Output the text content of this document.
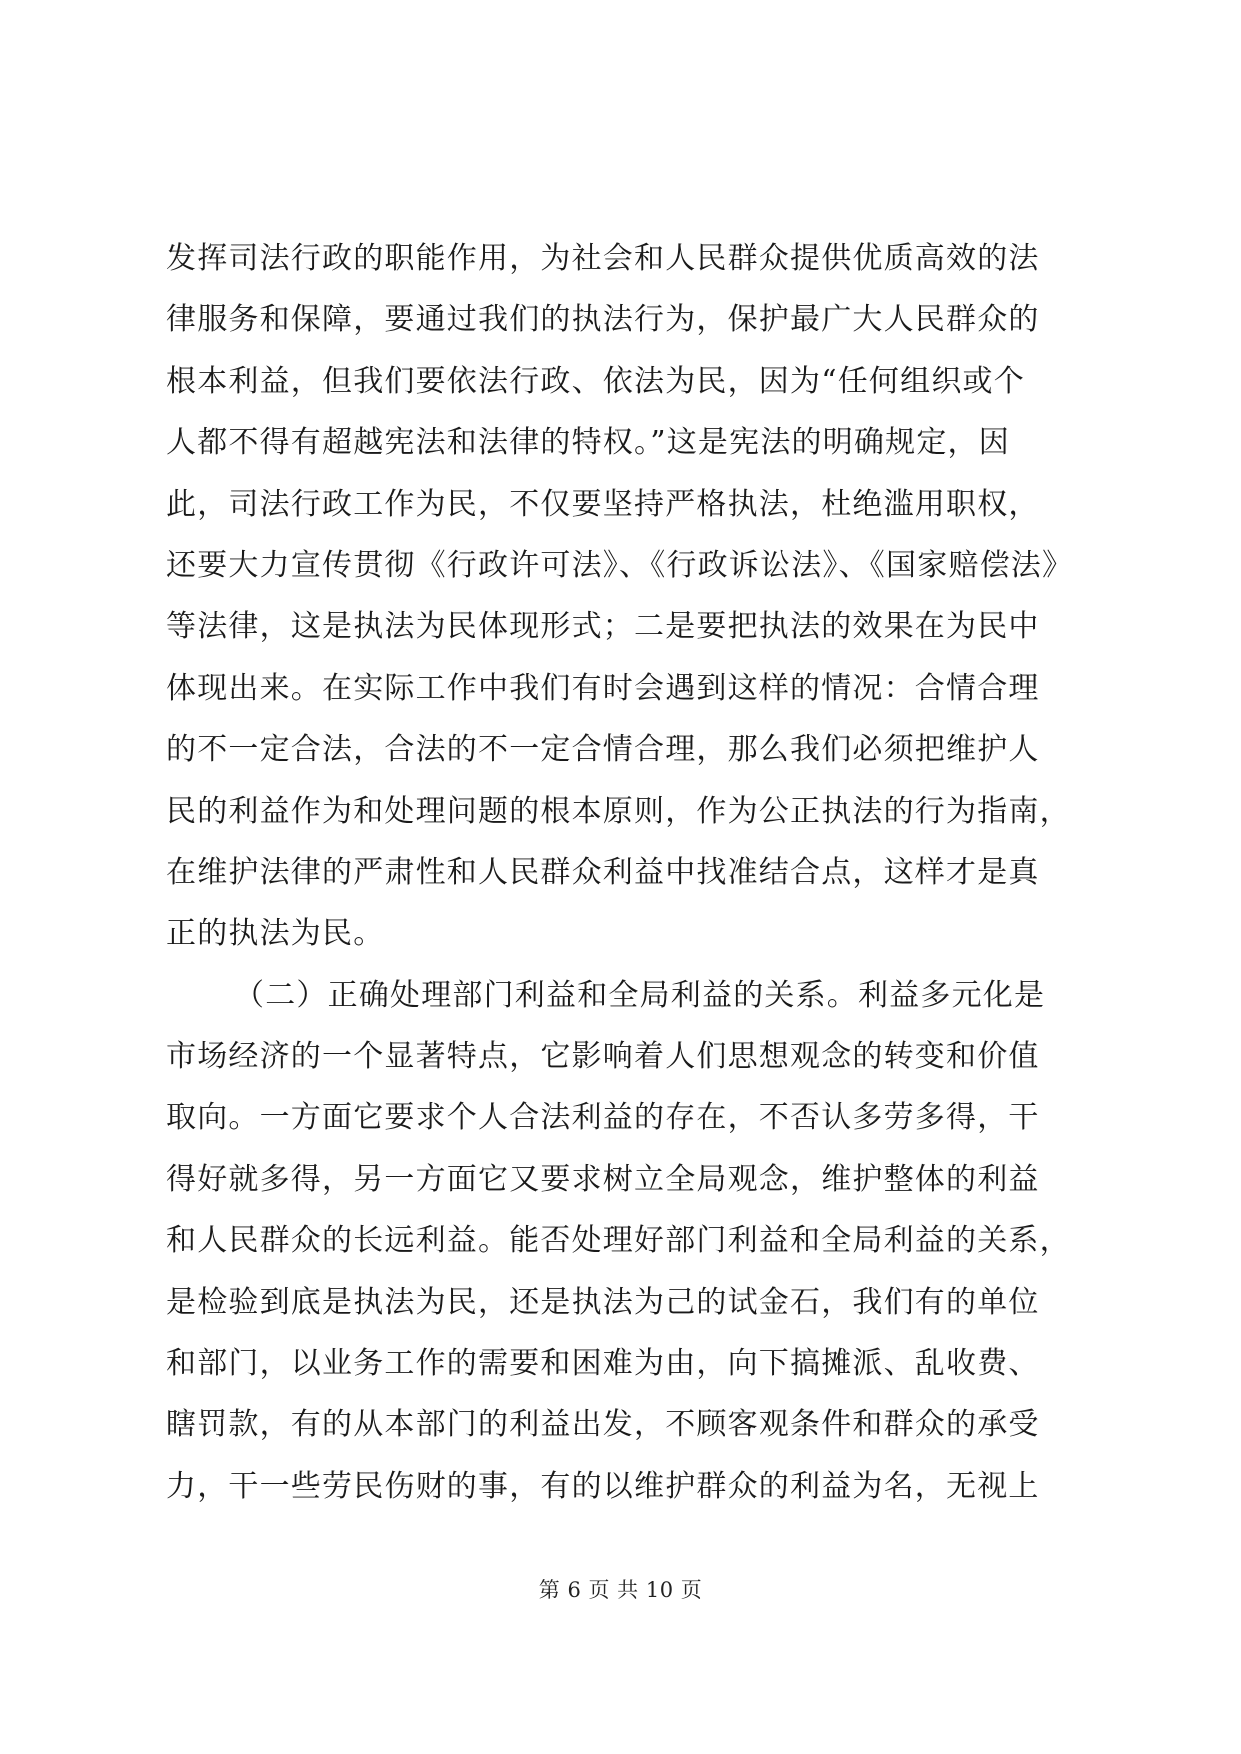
发挥司法行政的职能作用，为社会和人民群众提供优质高效的法
律服务和保障，要通过我们的执法行为，保护最广大人民群众的
根本利益，但我们要依法行政、依法为民，因为“任何组织或个
人都不得有超越宪法和法律的特权。”这是宪法的明确规定，因
此，司法行政工作为民，不仅要坚持严格执法，杜绝滥用职权，
还要大力宣传贯彻《行政许可法》、《行政诉讼法》、《国家赔偿法》
等法律，这是执法为民体现形式；二是要把执法的效果在为民中
体现出来。在实际工作中我们有时会遇到这样的情况：合情合理
的不一定合法，合法的不一定合情合理，那么我们必须把维护人
民的利益作为和处理问题的根本原则，作为公正执法的行为指南，
在维护法律的严肃性和人民群众利益中找准结合点，这样才是真
正的执法为民。
（二）正确处理部门利益和全局利益的关系。利益多元化是
市场经济的一个显著特点，它影响着人们思想观念的转变和价值
取向。一方面它要求个人合法利益的存在，不否认多劳多得，干
得好就多得，另一方面它又要求树立全局观念，维护整体的利益
和人民群众的长远利益。能否处理好部门利益和全局利益的关系，
是检验到底是执法为民，还是执法为己的试金石，我们有的单位
和部门，以业务工作的需要和困难为由，向下搞摊派、乱收费、
瞎罚款，有的从本部门的利益出发，不顾客观条件和群众的承受
力，干一些劳民伤财的事，有的以维护群众的利益为名，无视上
第 6 页 共 10 页
